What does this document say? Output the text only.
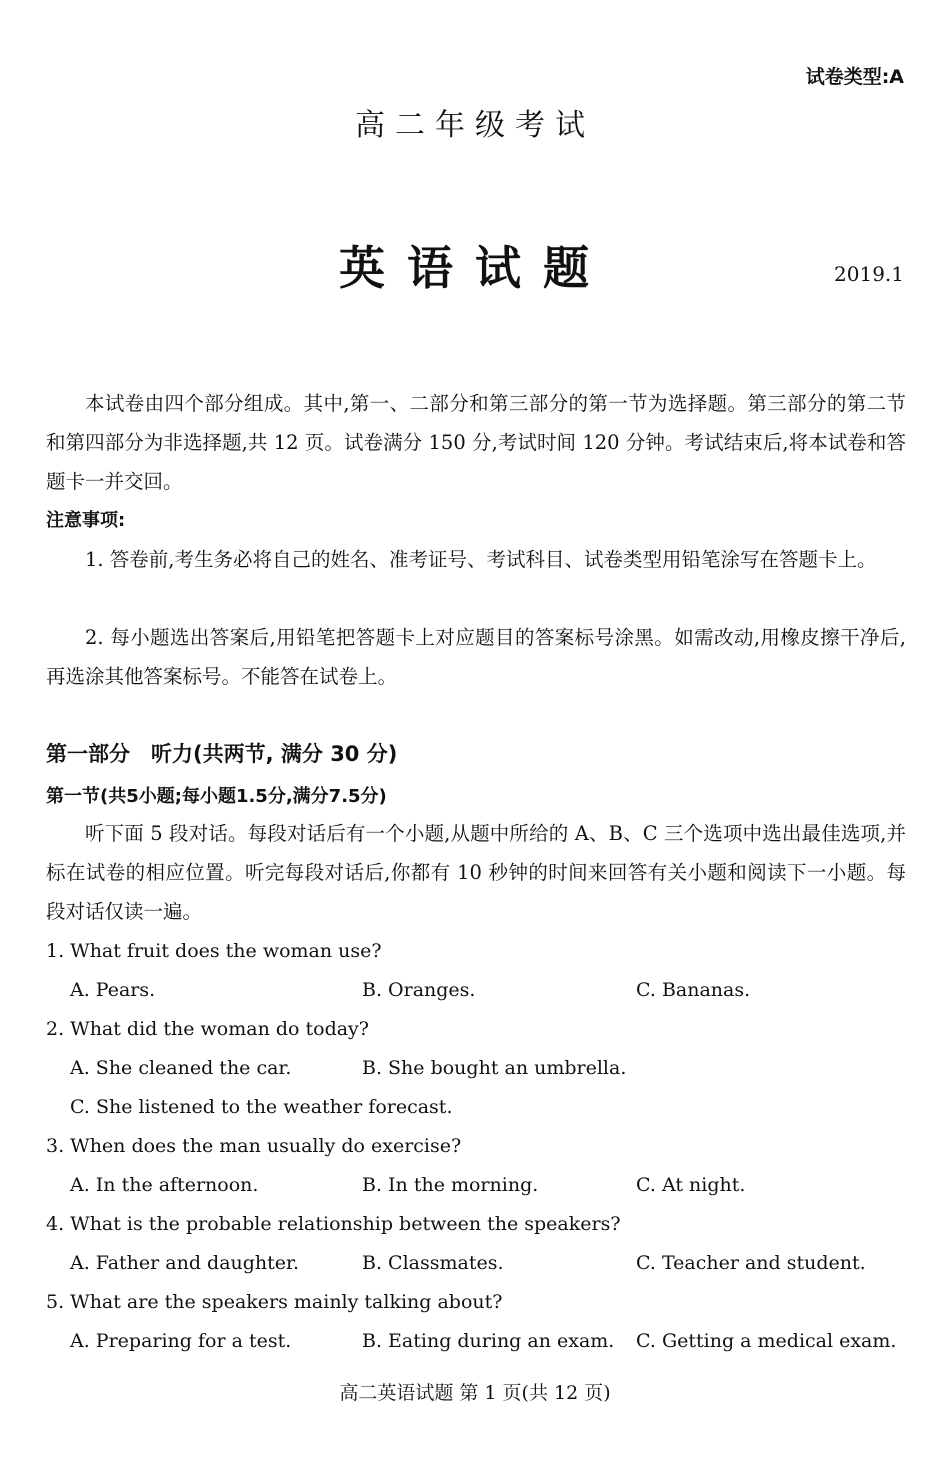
试卷类型:A
高二年级考试
英语试题	2019.1
本试卷由四个部分组成。其中,第一、二部分和第三部分的第一节为选择题。第三部分的第二节和第四部分为非选择题,共 12 页。试卷满分 150 分,考试时间 120 分钟。考试结束后,将本试卷和答题卡一并交回。
注意事项:
1. 答卷前,考生务必将自己的姓名、准考证号、考试科目、试卷类型用铅笔涂写在答题卡上。
2. 每小题选出答案后,用铅笔把答题卡上对应题目的答案标号涂黑。如需改动,用橡皮擦干净后,再选涂其他答案标号。不能答在试卷上。
第一部分　听力(共两节, 满分 30 分)
第一节(共5小题;每小题1.5分,满分7.5分)
听下面 5 段对话。每段对话后有一个小题,从题中所给的 A、B、C 三个选项中选出最佳选项,并标在试卷的相应位置。听完每段对话后,你都有 10 秒钟的时间来回答有关小题和阅读下一小题。每段对话仅读一遍。
1. What fruit does the woman use?
A. Pears.	B. Oranges.	C. Bananas.
2. What did the woman do today?
A. She cleaned the car.	B. She bought an umbrella.
C. She listened to the weather forecast.
3. When does the man usually do exercise?
A. In the afternoon.	B. In the morning.	C. At night.
4. What is the probable relationship between the speakers?
A. Father and daughter.	B. Classmates.	C. Teacher and student.
5. What are the speakers mainly talking about?
A. Preparing for a test.	B. Eating during an exam. C. Getting a medical exam.
高二英语试题 第 1 页(共 12 页)
